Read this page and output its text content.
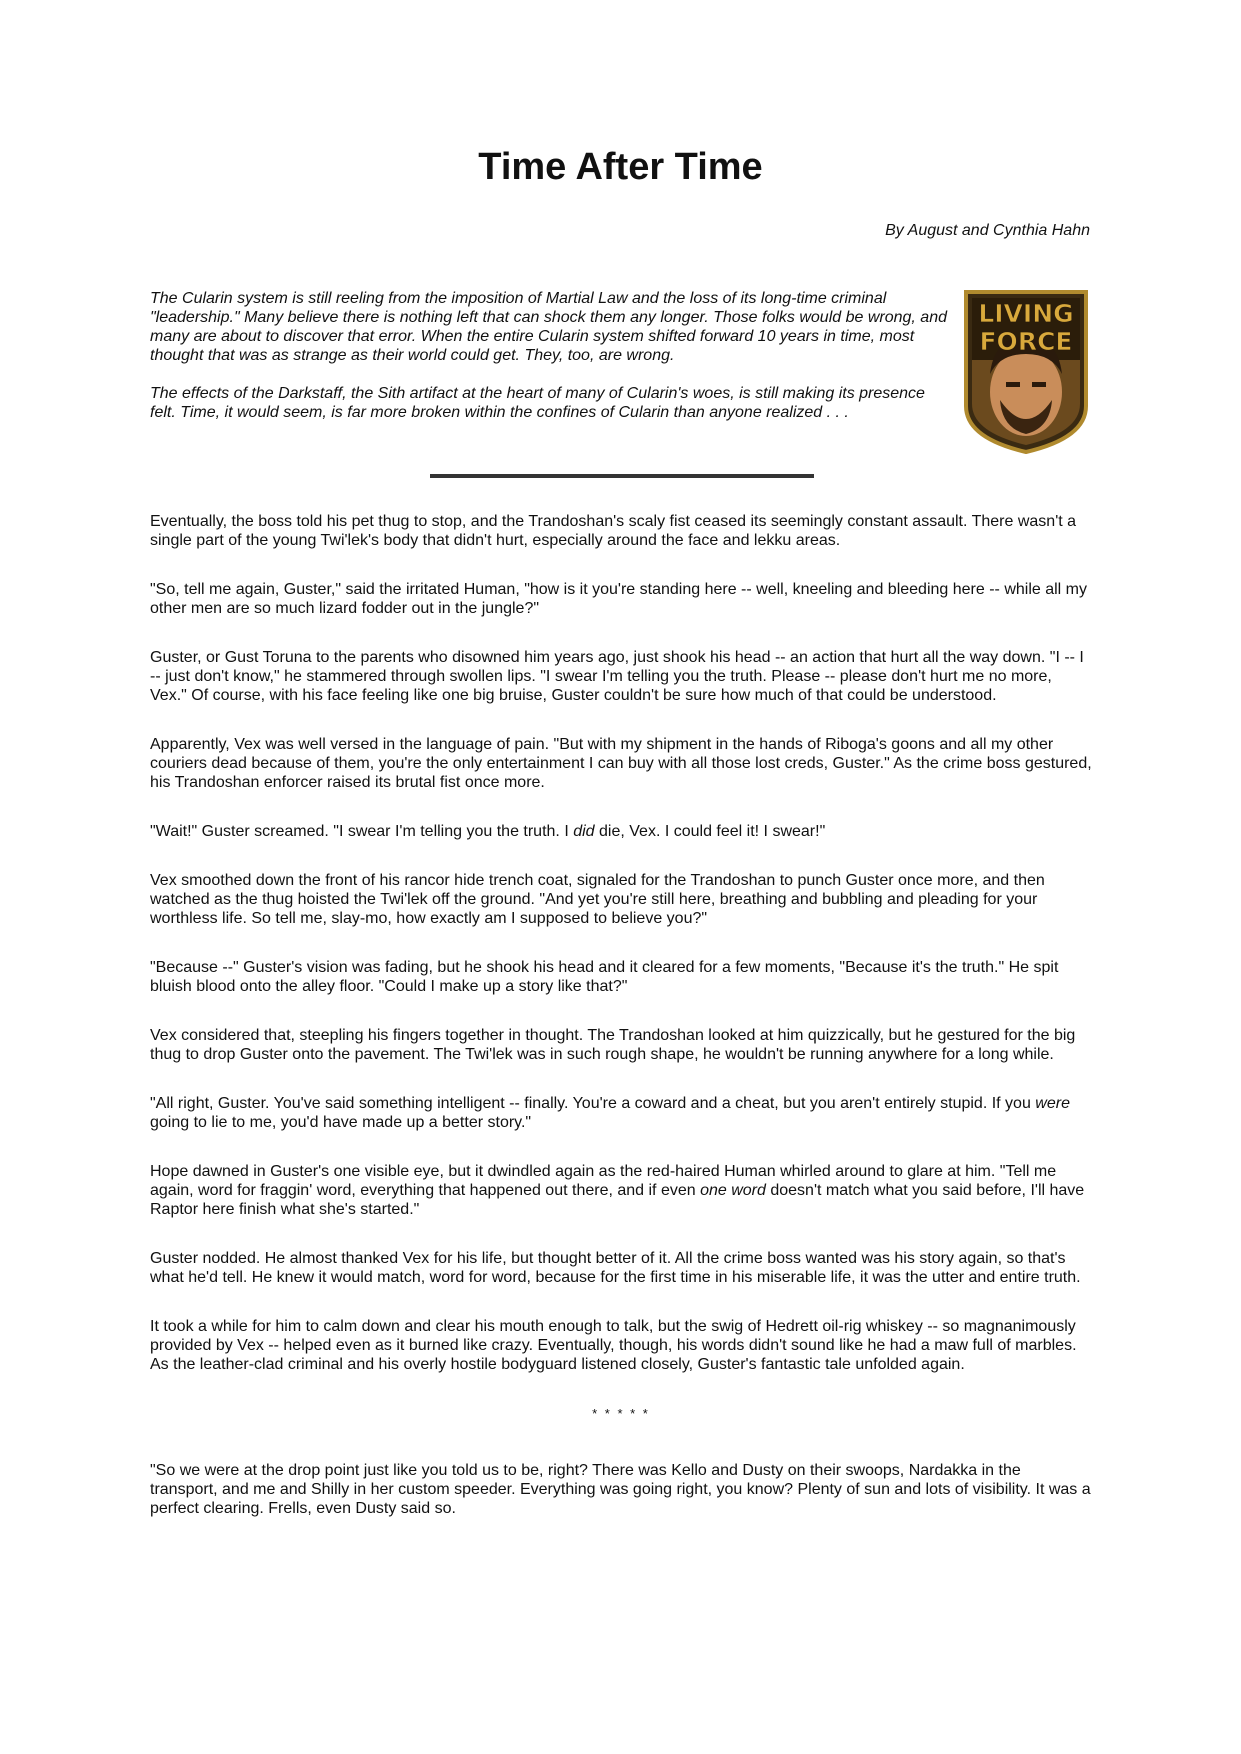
Time After Time
By August and Cynthia Hahn

The Cularin system is still reeling from the imposition of Martial Law and the loss of its long-time criminal "leadership." Many believe there is nothing left that can shock them any longer. Those folks would be wrong, and many are about to discover that error. When the entire Cularin system shifted forward 10 years in time, most thought that was as strange as their world could get. They, too, are wrong.

The effects of the Darkstaff, the Sith artifact at the heart of many of Cularin's woes, is still making its presence felt. Time, it would seem, is far more broken within the confines of Cularin than anyone realized . . .

LIVING
FORCE

Eventually, the boss told his pet thug to stop, and the Trandoshan's scaly fist ceased its seemingly constant assault. There wasn't a single part of the young Twi'lek's body that didn't hurt, especially around the face and lekku areas.

"So, tell me again, Guster," said the irritated Human, "how is it you're standing here -- well, kneeling and bleeding here -- while all my other men are so much lizard fodder out in the jungle?"

Guster, or Gust Toruna to the parents who disowned him years ago, just shook his head -- an action that hurt all the way down. "I -- I -- just don't know," he stammered through swollen lips. "I swear I'm telling you the truth. Please -- please don't hurt me no more, Vex." Of course, with his face feeling like one big bruise, Guster couldn't be sure how much of that could be understood.

Apparently, Vex was well versed in the language of pain. "But with my shipment in the hands of Riboga's goons and all my other couriers dead because of them, you're the only entertainment I can buy with all those lost creds, Guster." As the crime boss gestured, his Trandoshan enforcer raised its brutal fist once more.

"Wait!" Guster screamed. "I swear I'm telling you the truth. I did die, Vex. I could feel it! I swear!"

Vex smoothed down the front of his rancor hide trench coat, signaled for the Trandoshan to punch Guster once more, and then watched as the thug hoisted the Twi'lek off the ground. "And yet you're still here, breathing and bubbling and pleading for your worthless life. So tell me, slay-mo, how exactly am I supposed to believe you?"

"Because --" Guster's vision was fading, but he shook his head and it cleared for a few moments, "Because it's the truth." He spit bluish blood onto the alley floor. "Could I make up a story like that?"

Vex considered that, steepling his fingers together in thought. The Trandoshan looked at him quizzically, but he gestured for the big thug to drop Guster onto the pavement. The Twi'lek was in such rough shape, he wouldn't be running anywhere for a long while.

"All right, Guster. You've said something intelligent -- finally. You're a coward and a cheat, but you aren't entirely stupid. If you were going to lie to me, you'd have made up a better story."

Hope dawned in Guster's one visible eye, but it dwindled again as the red-haired Human whirled around to glare at him. "Tell me again, word for fraggin' word, everything that happened out there, and if even one word doesn't match what you said before, I'll have Raptor here finish what she's started."

Guster nodded. He almost thanked Vex for his life, but thought better of it. All the crime boss wanted was his story again, so that's what he'd tell. He knew it would match, word for word, because for the first time in his miserable life, it was the utter and entire truth.

It took a while for him to calm down and clear his mouth enough to talk, but the swig of Hedrett oil-rig whiskey -- so magnanimously provided by Vex -- helped even as it burned like crazy. Eventually, though, his words didn't sound like he had a maw full of marbles. As the leather-clad criminal and his overly hostile bodyguard listened closely, Guster's fantastic tale unfolded again.

* * * * *

"So we were at the drop point just like you told us to be, right? There was Kello and Dusty on their swoops, Nardakka in the transport, and me and Shilly in her custom speeder. Everything was going right, you know? Plenty of sun and lots of visibility. It was a perfect clearing. Frells, even Dusty said so.
